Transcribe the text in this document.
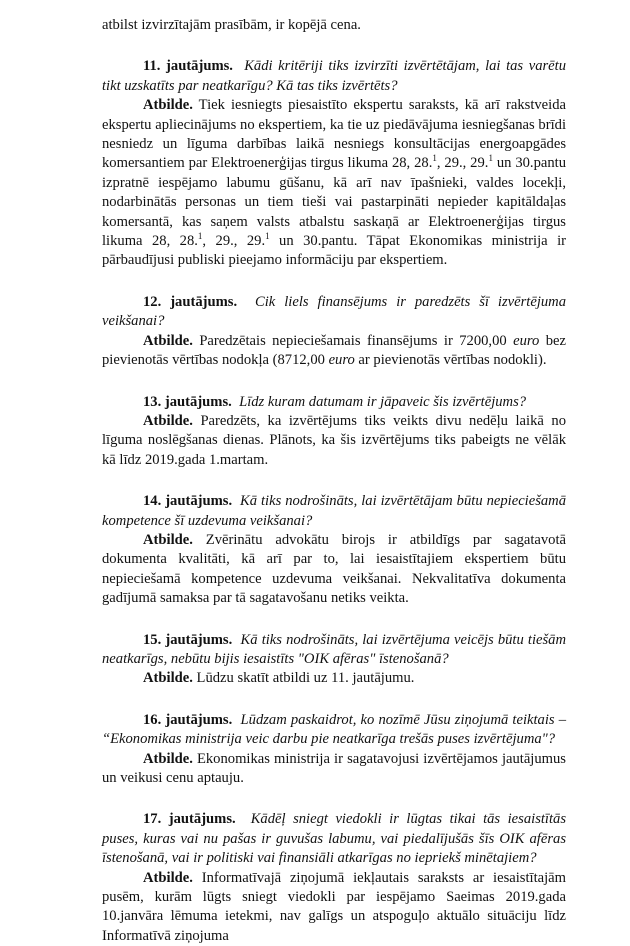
atbilst izvirzītajām prasībām, ir kopējā cena.

11. jautājums. Kādi kritēriji tiks izvirzīti izvērtētājam, lai tas varētu tikt uzskatīts par neatkarīgu? Kā tas tiks izvērtēts?

Atbilde. Tiek iesniegts piesaistīto ekspertu saraksts, kā arī rakstveida ekspertu apliecinājums no ekspertiem, ka tie uz piedāvājuma iesniegšanas brīdi nesniedz un līguma darbības laikā nesniegs konsultācijas energoapgādes komersantiem par Elektroenerģijas tirgus likuma 28, 28.$^1$, 29., 29.$^1$ un 30.pantu izpratnē iespējamo labumu gūšanu, kā arī nav īpašnieki, valdes locekļi, nodarbinātās personas un tiem tieši vai pastarpināti nepieder kapitāldaļas komersantā, kas saņem valsts atbalstu saskaņā ar Elektroenerģijas tirgus likuma 28, 28.$^1$, 29., 29.$^1$ un 30.pantu. Tāpat Ekonomikas ministrija ir pārbaudījusi publiski pieejamo informāciju par ekspertiem.

12. jautājums. Cik liels finansējums ir paredzēts šī izvērtējuma veikšanai?

Atbilde. Paredzētais nepieciešamais finansējums ir 7200,00 euro bez pievienotās vērtības nodokļa (8712,00 euro ar pievienotās vērtības nodokli).

13. jautājums. Līdz kuram datumam ir jāpaveic šis izvērtējums?

Atbilde. Paredzēts, ka izvērtējums tiks veikts divu nedēļu laikā no līguma noslēgšanas dienas. Plānots, ka šis izvērtējums tiks pabeigts ne vēlāk kā līdz 2019.gada 1.martam.

14. jautājums. Kā tiks nodrošināts, lai izvērtētājam būtu nepieciešamā kompetence šī uzdevuma veikšanai?

Atbilde. Zvērinātu advokātu birojs ir atbildīgs par sagatavotā dokumenta kvalitāti, kā arī par to, lai iesaistītajiem ekspertiem būtu nepieciešamā kompetence uzdevuma veikšanai. Nekvalitatīva dokumenta gadījumā samaksa par tā sagatavošanu netiks veikta.

15. jautājums. Kā tiks nodrošināts, lai izvērtējuma veicējs būtu tiešām neatkarīgs, nebūtu bijis iesaistīts "OIK afēras" īstenošanā?

Atbilde. Lūdzu skatīt atbildi uz 11. jautājumu.

16. jautājums. Lūdzam paskaidrot, ko nozīmē Jūsu ziņojumā teiktais – “Ekonomikas ministrija veic darbu pie neatkarīga trešās puses izvērtējuma"?

Atbilde. Ekonomikas ministrija ir sagatavojusi izvērtējamos jautājumus un veikusi cenu aptauju.

17. jautājums. Kādēļ sniegt viedokli ir lūgtas tikai tās iesaistītās puses, kuras vai nu pašas ir guvušas labumu, vai piedalījušās šīs OIK afēras īstenošanā, vai ir politiski vai finansiāli atkarīgas no iepriekš minētajiem?

Atbilde. Informatīvajā ziņojumā iekļautais saraksts ar iesaistītajām pusēm, kurām lūgts sniegt viedokli par iespējamo Saeimas 2019.gada 10.janvāra lēmuma ietekmi, nav galīgs un atspoguļo aktuālo situāciju līdz Informatīvā ziņojuma
